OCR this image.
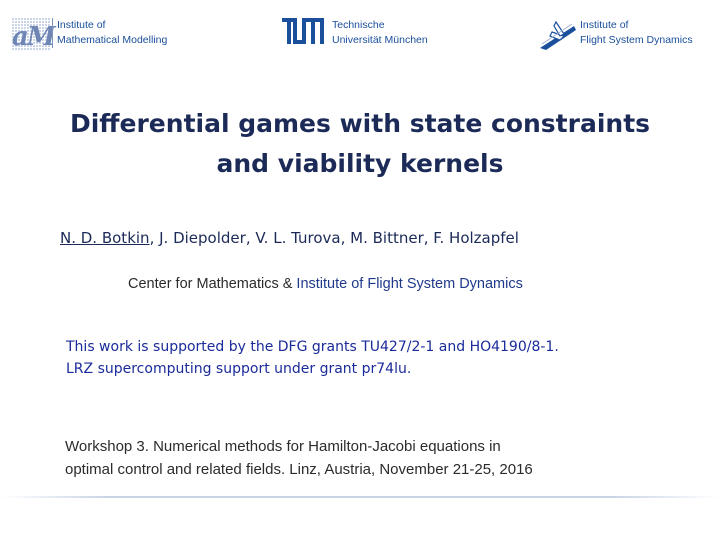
a
M Institute of
Mathematical Modelling
Technische
Universität München
Institute of
Flight System Dynamics
Differential games with state constraints
and viability kernels
N. D. Botkin, J. Diepolder, V. L. Turova, M. Bittner, F. Holzapfel
Center for Mathematics & Institute of Flight System Dynamics
This work is supported by the DFG grants TU427/2-1 and HO4190/8-1.
LRZ supercomputing support under grant pr74lu.
Workshop 3. Numerical methods for Hamilton-Jacobi equations in
optimal control and related fields. Linz, Austria, November 21-25, 2016
